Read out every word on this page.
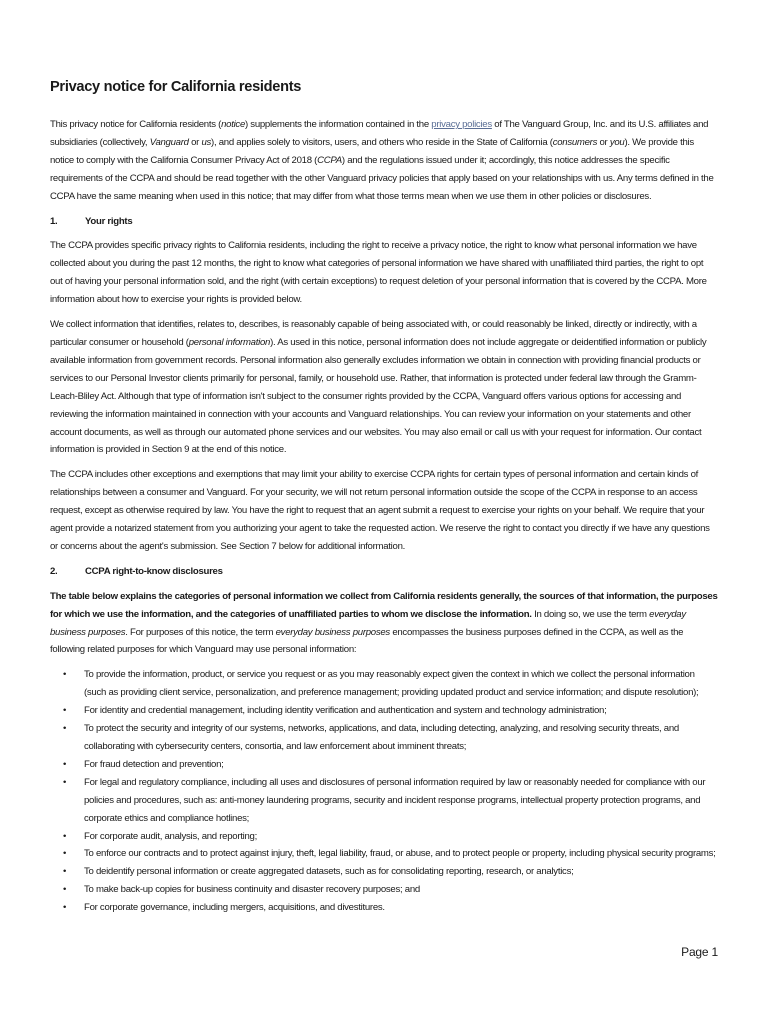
Privacy notice for California residents

This privacy notice for California residents (notice) supplements the information contained in the privacy policies of The Vanguard Group, Inc. and its U.S. affiliates and subsidiaries (collectively, Vanguard or us), and applies solely to visitors, users, and others who reside in the State of California (consumers or you). We provide this notice to comply with the California Consumer Privacy Act of 2018 (CCPA) and the regulations issued under it; accordingly, this notice addresses the specific requirements of the CCPA and should be read together with the other Vanguard privacy policies that apply based on your relationships with us. Any terms defined in the CCPA have the same meaning when used in this notice; that may differ from what those terms mean when we use them in other policies or disclosures.

1.	Your rights

The CCPA provides specific privacy rights to California residents, including the right to receive a privacy notice, the right to know what personal information we have collected about you during the past 12 months, the right to know what categories of personal information we have shared with unaffiliated third parties, the right to opt out of having your personal information sold, and the right (with certain exceptions) to request deletion of your personal information that is covered by the CCPA. More information about how to exercise your rights is provided below.

We collect information that identifies, relates to, describes, is reasonably capable of being associated with, or could reasonably be linked, directly or indirectly, with a particular consumer or household (personal information). As used in this notice, personal information does not include aggregate or deidentified information or publicly available information from government records. Personal information also generally excludes information we obtain in connection with providing financial products or services to our Personal Investor clients primarily for personal, family, or household use. Rather, that information is protected under federal law through the Gramm-Leach-Bliley Act. Although that type of information isn't subject to the consumer rights provided by the CCPA, Vanguard offers various options for accessing and reviewing the information maintained in connection with your accounts and Vanguard relationships. You can review your information on your statements and other account documents, as well as through our automated phone services and our websites. You may also email or call us with your request for information. Our contact information is provided in Section 9 at the end of this notice.

The CCPA includes other exceptions and exemptions that may limit your ability to exercise CCPA rights for certain types of personal information and certain kinds of relationships between a consumer and Vanguard. For your security, we will not return personal information outside the scope of the CCPA in response to an access request, except as otherwise required by law. You have the right to request that an agent submit a request to exercise your rights on your behalf. We require that your agent provide a notarized statement from you authorizing your agent to take the requested action. We reserve the right to contact you directly if we have any questions or concerns about the agent's submission. See Section 7 below for additional information.

2.	CCPA right-to-know disclosures

The table below explains the categories of personal information we collect from California residents generally, the sources of that information, the purposes for which we use the information, and the categories of unaffiliated parties to whom we disclose the information. In doing so, we use the term everyday business purposes. For purposes of this notice, the term everyday business purposes encompasses the business purposes defined in the CCPA, as well as the following related purposes for which Vanguard may use personal information:

• To provide the information, product, or service you request or as you may reasonably expect given the context in which we collect the personal information (such as providing client service, personalization, and preference management; providing updated product and service information; and dispute resolution);
• For identity and credential management, including identity verification and authentication and system and technology administration;
• To protect the security and integrity of our systems, networks, applications, and data, including detecting, analyzing, and resolving security threats, and collaborating with cybersecurity centers, consortia, and law enforcement about imminent threats;
• For fraud detection and prevention;
• For legal and regulatory compliance, including all uses and disclosures of personal information required by law or reasonably needed for compliance with our policies and procedures, such as: anti-money laundering programs, security and incident response programs, intellectual property protection programs, and corporate ethics and compliance hotlines;
• For corporate audit, analysis, and reporting;
• To enforce our contracts and to protect against injury, theft, legal liability, fraud, or abuse, and to protect people or property, including physical security programs;
• To deidentify personal information or create aggregated datasets, such as for consolidating reporting, research, or analytics;
• To make back-up copies for business continuity and disaster recovery purposes; and
• For corporate governance, including mergers, acquisitions, and divestitures.
Page 1
